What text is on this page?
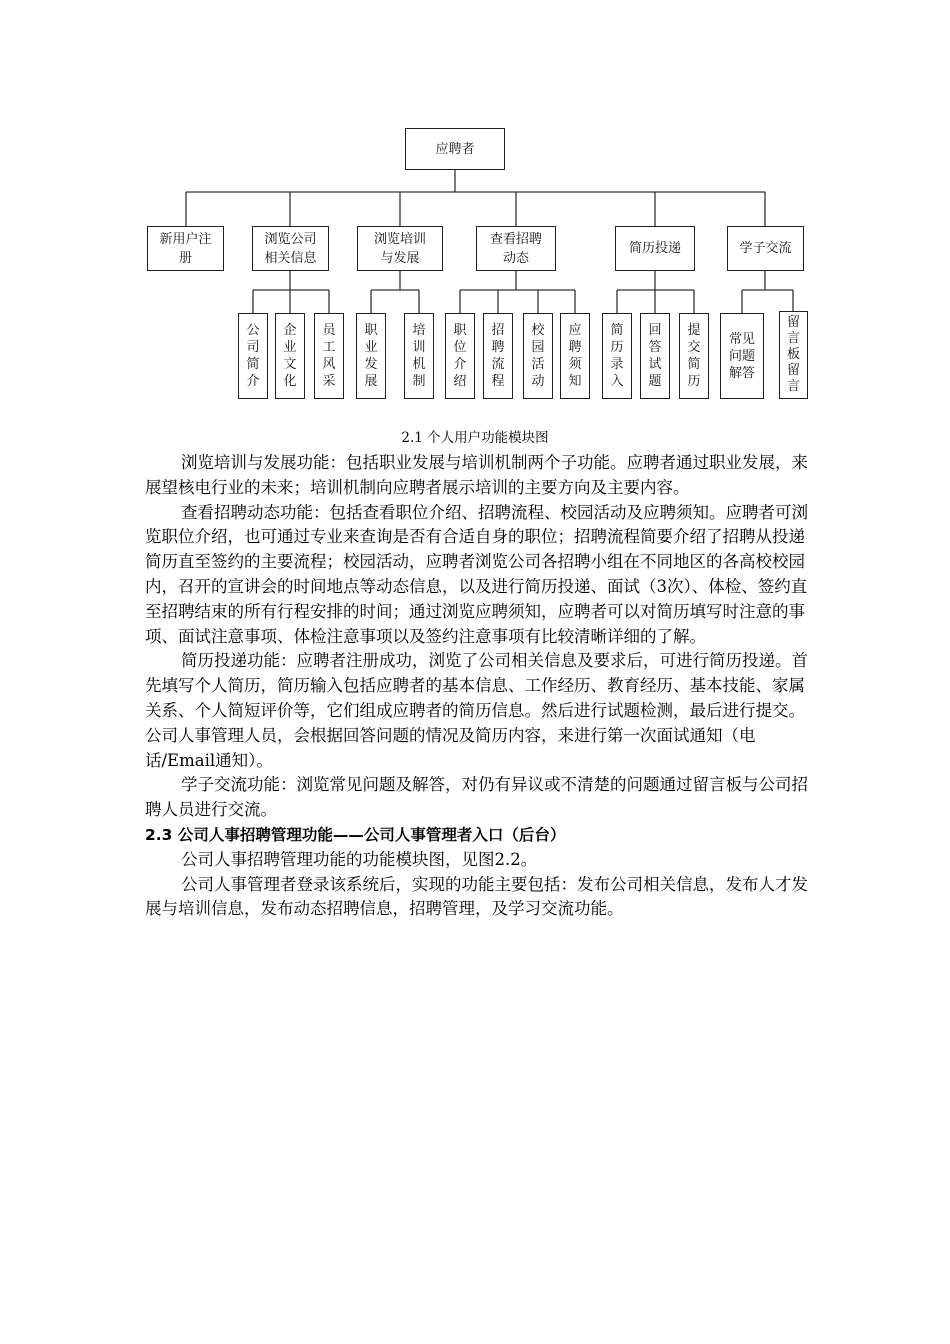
应聘者
新用户注
册
浏览公司
相关信息
浏览培训
与发展
查看招聘
动态
简历投递	学子交流
公
司
简
介
企
业
文
化
员
工
风
采
职
业
发
展
培
训
机
制
职
位
介
绍
招
聘
流
程
校
园
活
动
应
聘
须
知
简
历
录
入
回
答
试
题
提
交
简
历
常见
问题
解答
留
言
板
留
言
2.1 个人用户功能模块图

浏览培训与发展功能：包括职业发展与培训机制两个子功能。应聘者通过职业发展，来展望核电行业的未来；培训机制向应聘者展示培训的主要方向及主要内容。

查看招聘动态功能：包括查看职位介绍、招聘流程、校园活动及应聘须知。应聘者可浏览职位介绍，也可通过专业来查询是否有合适自身的职位；招聘流程简要介绍了招聘从投递简历直至签约的主要流程；校园活动，应聘者浏览公司各招聘小组在不同地区的各高校校园内，召开的宣讲会的时间地点等动态信息，以及进行简历投递、面试（3次）、体检、签约直至招聘结束的所有行程安排的时间；通过浏览应聘须知，应聘者可以对简历填写时注意的事项、面试注意事项、体检注意事项以及签约注意事项有比较清晰详细的了解。

简历投递功能：应聘者注册成功，浏览了公司相关信息及要求后，可进行简历投递。首先填写个人简历，简历输入包括应聘者的基本信息、工作经历、教育经历、基本技能、家属关系、个人简短评价等，它们组成应聘者的简历信息。然后进行试题检测，最后进行提交。公司人事管理人员，会根据回答问题的情况及简历内容，来进行第一次面试通知（电话/Email通知）。

学子交流功能：浏览常见问题及解答，对仍有异议或不清楚的问题通过留言板与公司招聘人员进行交流。

2.3 公司人事招聘管理功能——公司人事管理者入口（后台）

公司人事招聘管理功能的功能模块图，见图2.2。

公司人事管理者登录该系统后，实现的功能主要包括：发布公司相关信息，发布人才发展与培训信息，发布动态招聘信息，招聘管理，及学习交流功能。
